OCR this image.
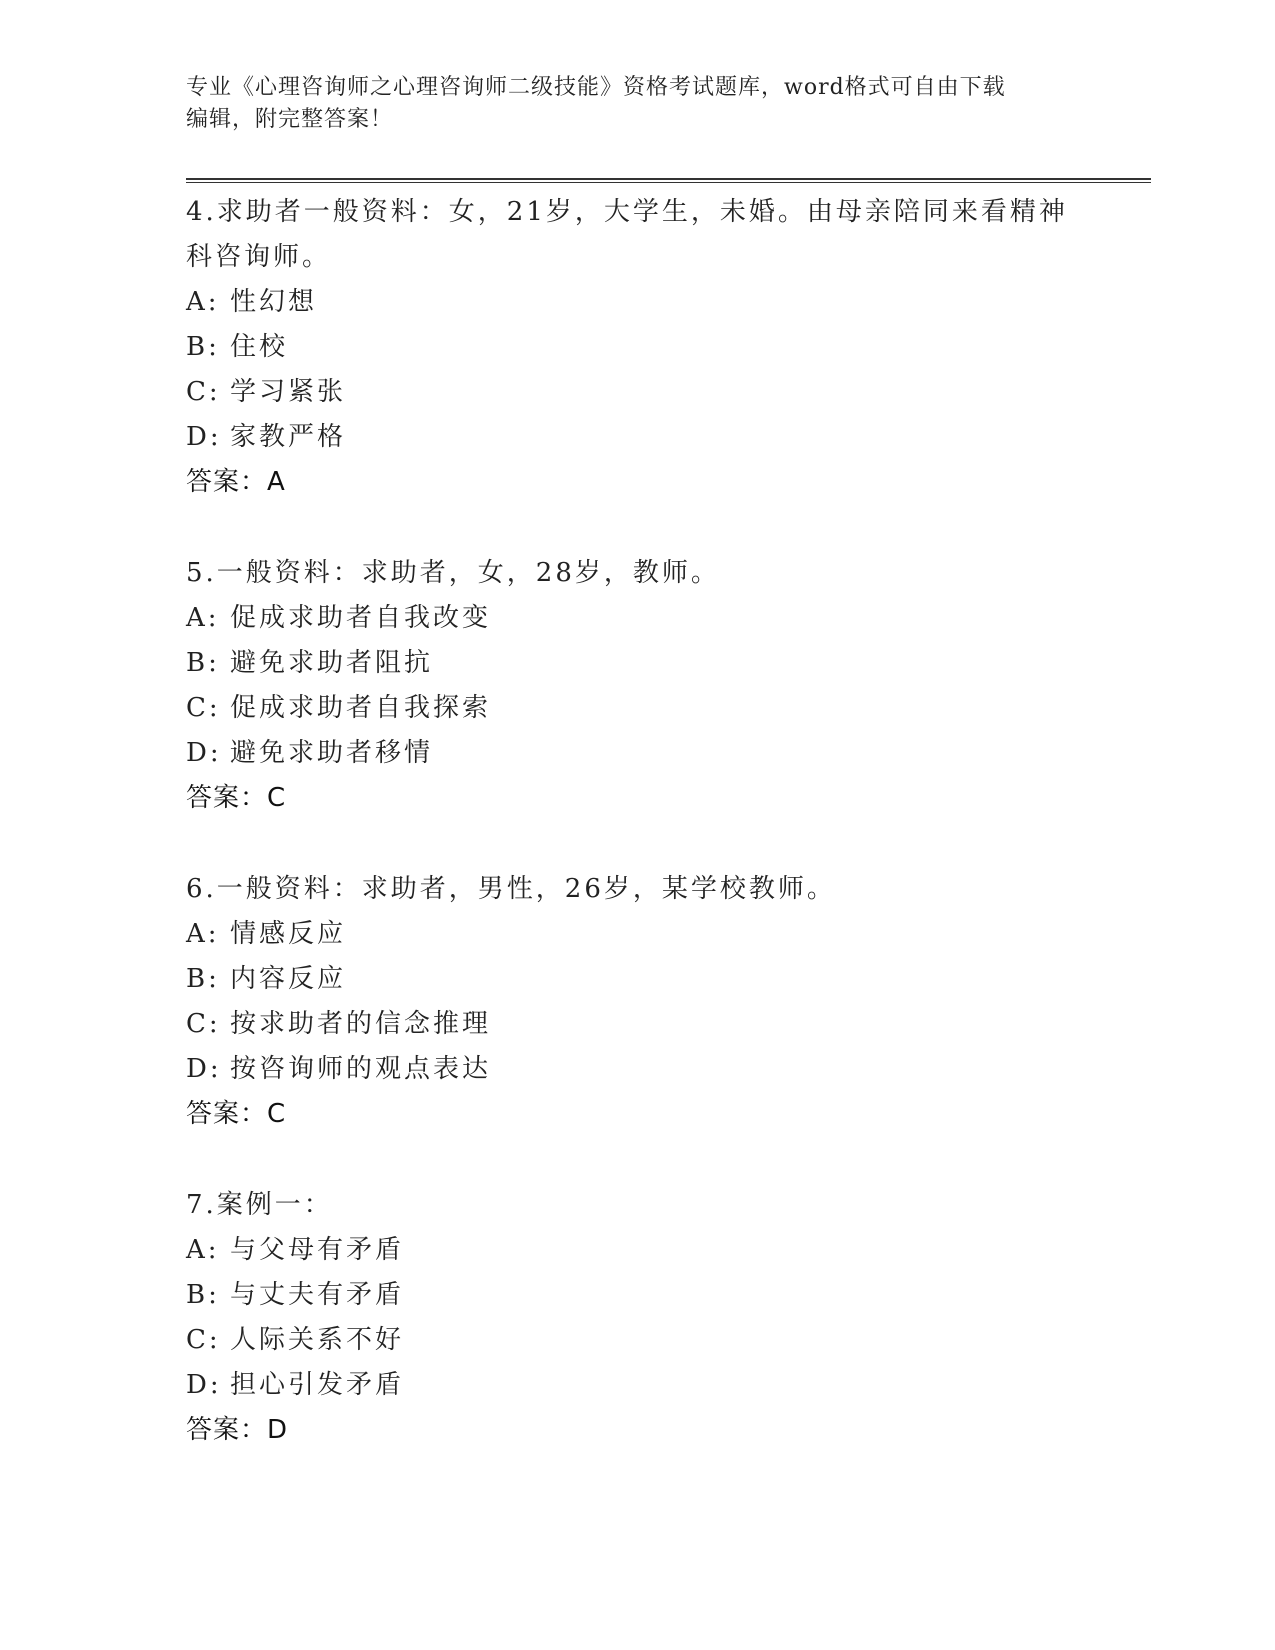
专业《心理咨询师之心理咨询师二级技能》资格考试题库，word格式可自由下载
编辑，附完整答案！
4.求助者一般资料：女，21岁，大学生，未婚。由母亲陪同来看精神
科咨询师。
A: 性幻想
B: 住校
C: 学习紧张
D: 家教严格
答案：A
5.一般资料：求助者，女，28岁，教师。
A: 促成求助者自我改变
B: 避免求助者阻抗
C: 促成求助者自我探索
D: 避免求助者移情
答案：C
6.一般资料：求助者，男性，26岁，某学校教师。
A: 情感反应
B: 内容反应
C: 按求助者的信念推理
D: 按咨询师的观点表达
答案：C
7.案例一：
A: 与父母有矛盾
B: 与丈夫有矛盾
C: 人际关系不好
D: 担心引发矛盾
答案：D
